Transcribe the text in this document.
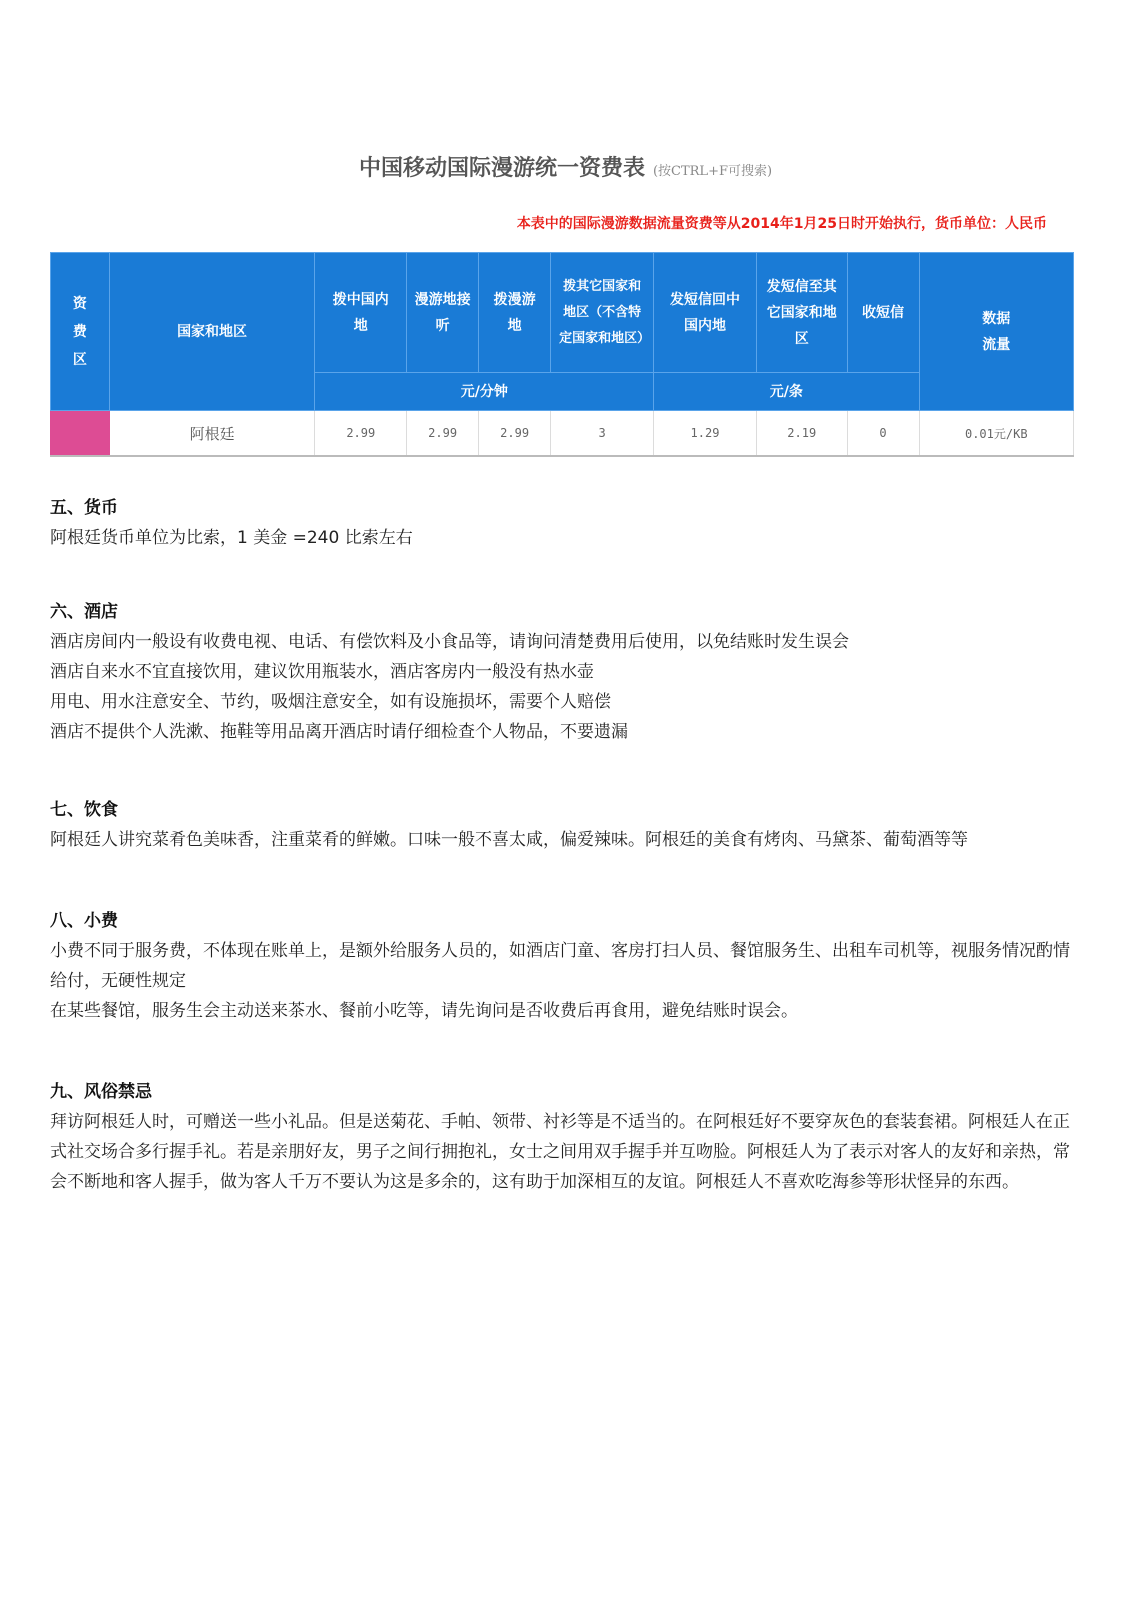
中国移动国际漫游统一资费表 (按CTRL+F可搜索)
本表中的国际漫游数据流量资费等从2014年1月25日时开始执行，货币单位：人民币
资费区	国家和地区	拨中国内地	漫游地接听	拨漫游地	拨其它国家和地区（不含特定国家和地区）	发短信回中国内地	发短信至其它国家和地区	收短信	数据流量

		元/分钟				元/条			
	阿根廷	2.99	2.99	2.99	3	1.29	2.19	0	0.01元/KB
五、货币

阿根廷货币单位为比索，1 美金 =240 比索左右

六、酒店

酒店房间内一般设有收费电视、电话、有偿饮料及小食品等，请询问清楚费用后使用，以免结账时发生误会

酒店自来水不宜直接饮用，建议饮用瓶装水，酒店客房内一般没有热水壶

用电、用水注意安全、节约，吸烟注意安全，如有设施损坏，需要个人赔偿

酒店不提供个人洗漱、拖鞋等用品离开酒店时请仔细检查个人物品，不要遗漏

七、饮食

阿根廷人讲究菜肴色美味香，注重菜肴的鲜嫩。口味一般不喜太咸，偏爱辣味。阿根廷的美食有烤肉、马黛茶、葡萄酒等等

八、小费

小费不同于服务费，不体现在账单上，是额外给服务人员的，如酒店门童、客房打扫人员、餐馆服务生、出租车司机等，视服务情况酌情给付，无硬性规定

在某些餐馆，服务生会主动送来茶水、餐前小吃等，请先询问是否收费后再食用，避免结账时误会。

九、风俗禁忌

拜访阿根廷人时，可赠送一些小礼品。但是送菊花、手帕、领带、衬衫等是不适当的。在阿根廷好不要穿灰色的套装套裙。阿根廷人在正式社交场合多行握手礼。若是亲朋好友，男子之间行拥抱礼，女士之间用双手握手并互吻脸。阿根廷人为了表示对客人的友好和亲热，常会不断地和客人握手，做为客人千万不要认为这是多余的，这有助于加深相互的友谊。阿根廷人不喜欢吃海参等形状怪异的东西。
